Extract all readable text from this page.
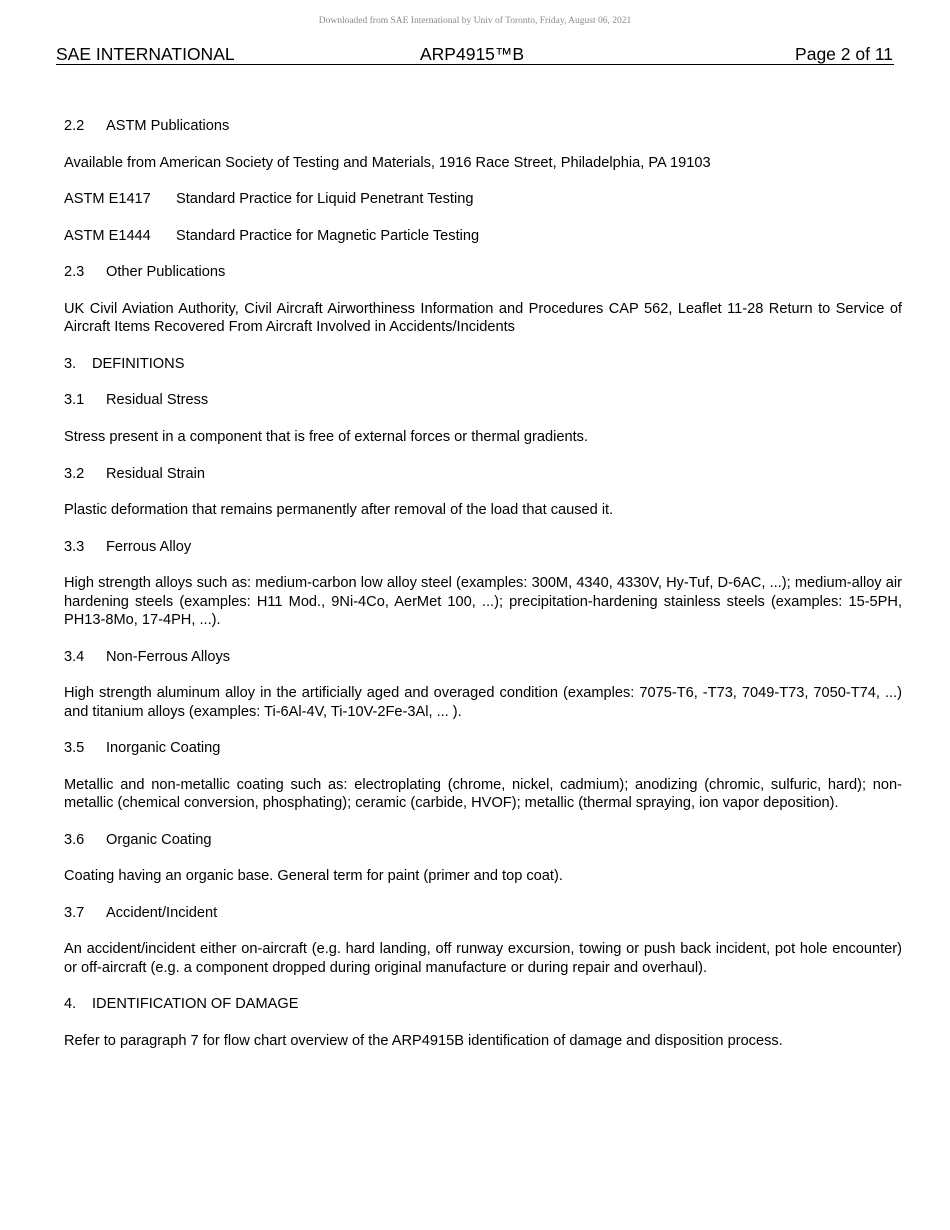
Downloaded from SAE International by Univ of Toronto, Friday, August 06, 2021
SAE INTERNATIONAL	ARP4915™B	Page 2 of 11

2.2 ASTM Publications

Available from American Society of Testing and Materials, 1916 Race Street, Philadelphia, PA 19103

ASTM E1417 Standard Practice for Liquid Penetrant Testing

ASTM E1444 Standard Practice for Magnetic Particle Testing

2.3 Other Publications

UK Civil Aviation Authority, Civil Aircraft Airworthiness Information and Procedures CAP 562, Leaflet 11-28 Return to Service of Aircraft Items Recovered From Aircraft Involved in Accidents/Incidents

3. DEFINITIONS

3.1 Residual Stress

Stress present in a component that is free of external forces or thermal gradients.

3.2 Residual Strain

Plastic deformation that remains permanently after removal of the load that caused it.

3.3 Ferrous Alloy

High strength alloys such as: medium-carbon low alloy steel (examples: 300M, 4340, 4330V, Hy-Tuf, D-6AC, ...); medium-alloy air hardening steels (examples: H11 Mod., 9Ni-4Co, AerMet 100, ...); precipitation-hardening stainless steels (examples: 15-5PH, PH13-8Mo, 17-4PH, ...).

3.4 Non-Ferrous Alloys

High strength aluminum alloy in the artificially aged and overaged condition (examples: 7075-T6, -T73, 7049-T73, 7050-T74, ...) and titanium alloys (examples: Ti-6Al-4V, Ti-10V-2Fe-3Al, ... ).

3.5 Inorganic Coating

Metallic and non-metallic coating such as: electroplating (chrome, nickel, cadmium); anodizing (chromic, sulfuric, hard); non-metallic (chemical conversion, phosphating); ceramic (carbide, HVOF); metallic (thermal spraying, ion vapor deposition).

3.6 Organic Coating

Coating having an organic base. General term for paint (primer and top coat).

3.7 Accident/Incident

An accident/incident either on-aircraft (e.g. hard landing, off runway excursion, towing or push back incident, pot hole encounter) or off-aircraft (e.g. a component dropped during original manufacture or during repair and overhaul).

4. IDENTIFICATION OF DAMAGE

Refer to paragraph 7 for flow chart overview of the ARP4915B identification of damage and disposition process.
